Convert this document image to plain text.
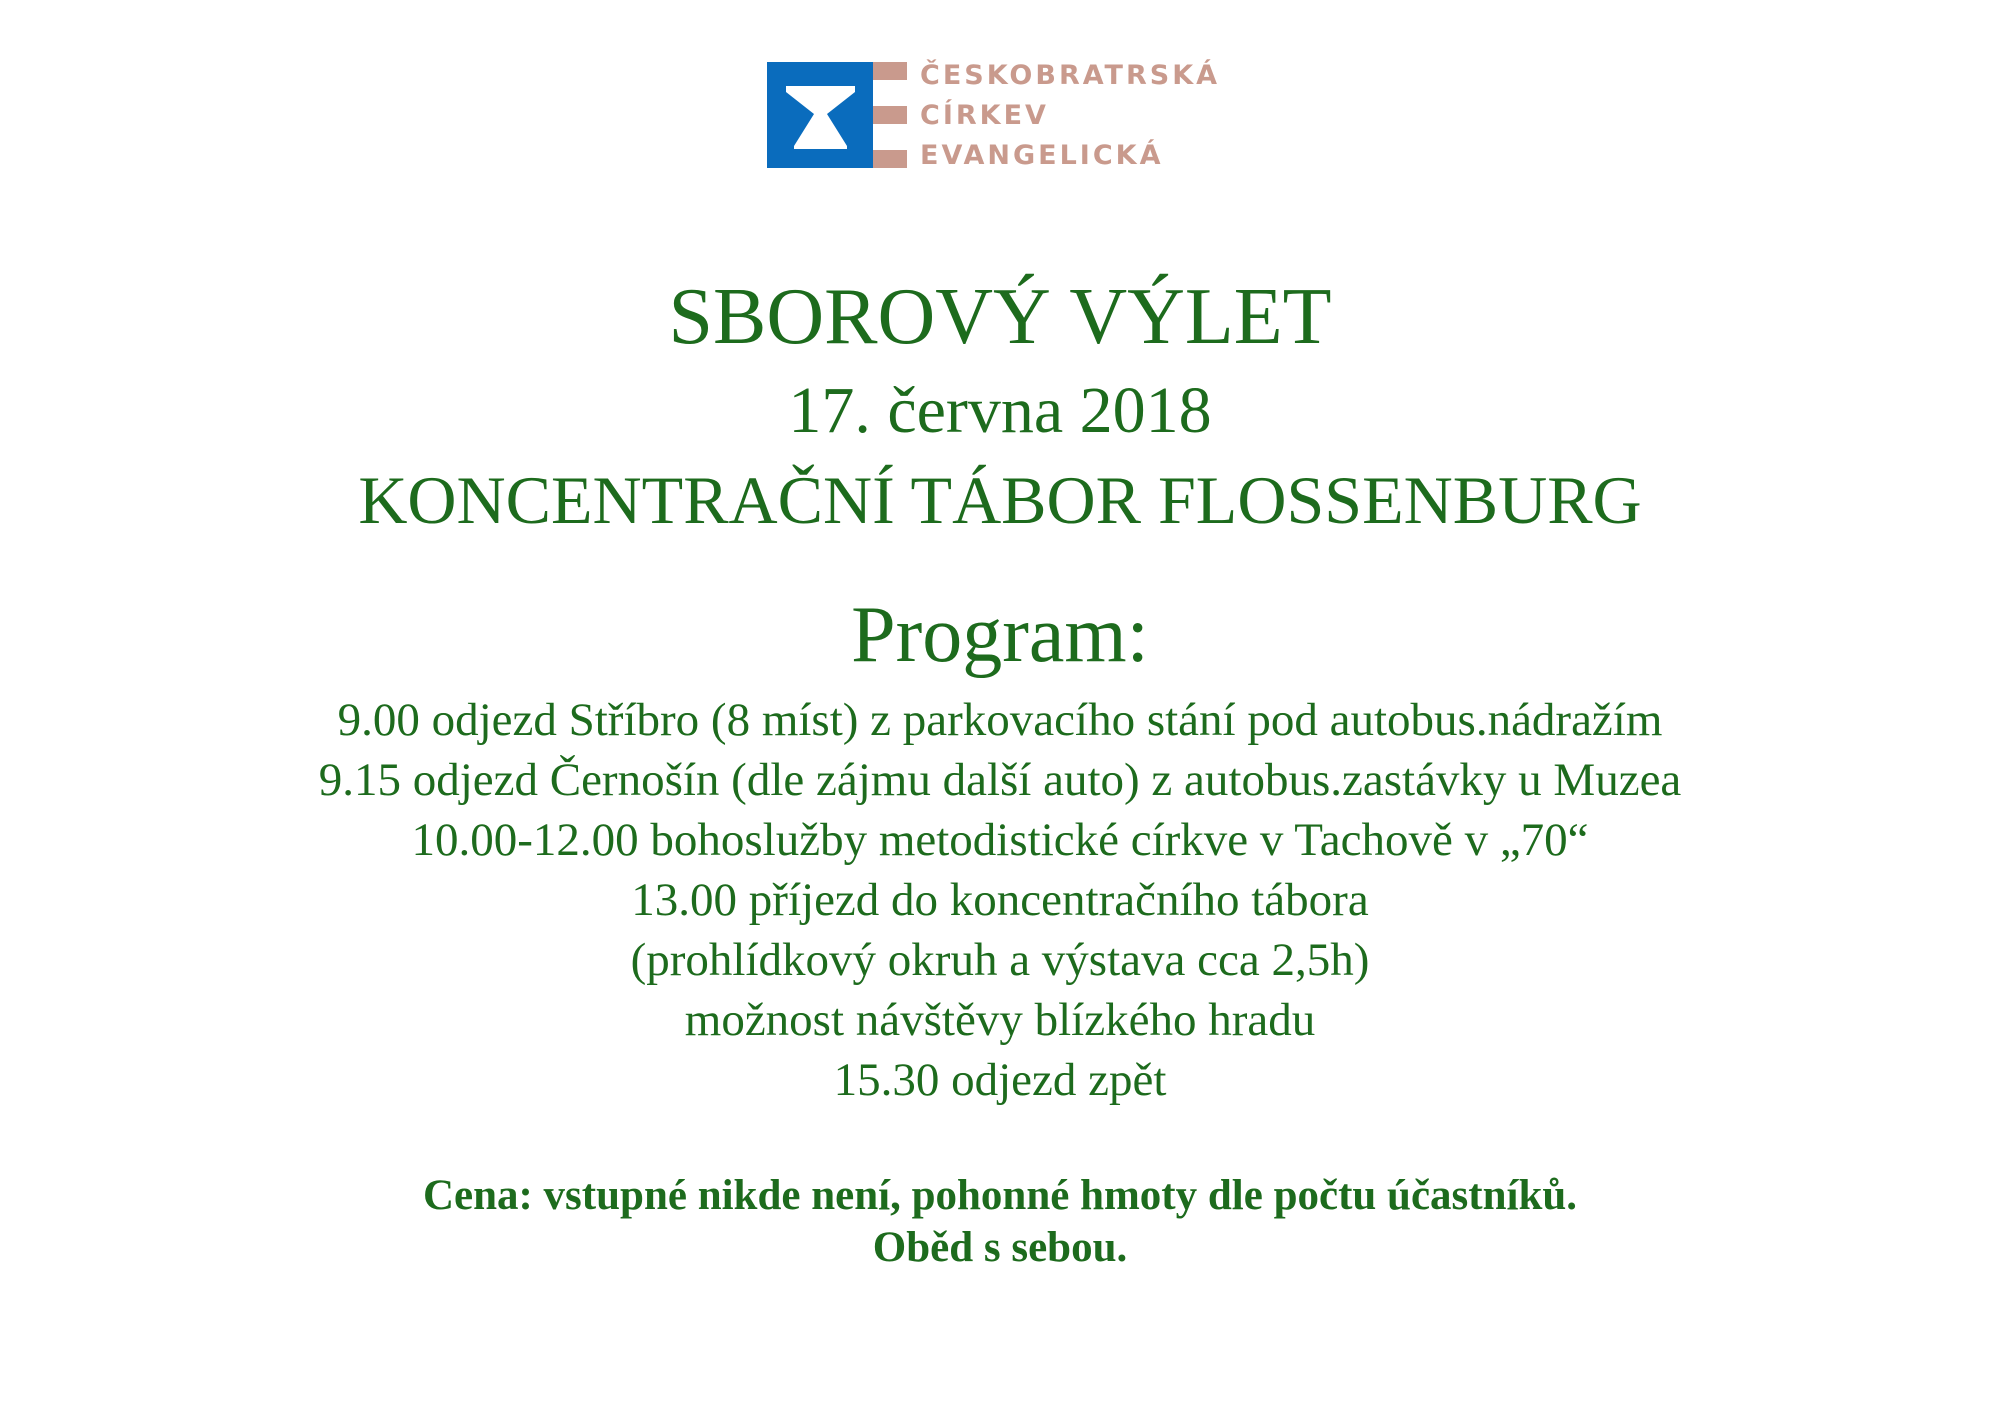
ČESKOBRATRSKÁ
CÍRKEV
EVANGELICKÁ
SBOROVÝ VÝLET
17. června 2018
KONCENTRAČNÍ TÁBOR FLOSSENBURG
Program:
9.00 odjezd Stříbro (8 míst) z parkovacího stání pod autobus.nádražím
9.15 odjezd Černošín (dle zájmu další auto) z autobus.zastávky u Muzea
10.00-12.00 bohoslužby metodistické církve v Tachově v „70“
13.00 příjezd do koncentračního tábora
(prohlídkový okruh a výstava cca 2,5h)
možnost návštěvy blízkého hradu
15.30 odjezd zpět
Cena: vstupné nikde není, pohonné hmoty dle počtu účastníků.
Oběd s sebou.
